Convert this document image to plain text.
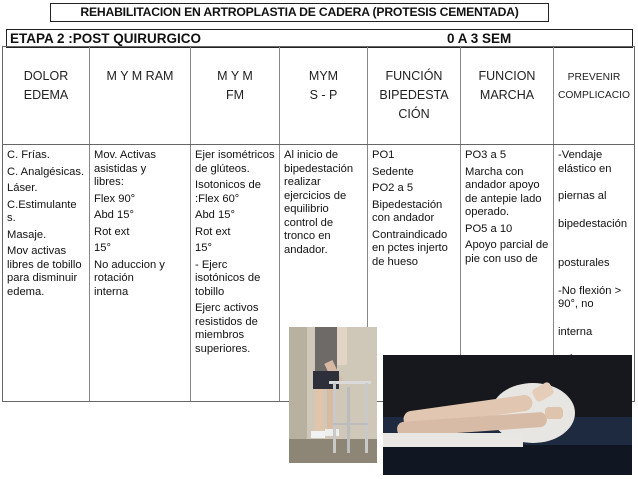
REHABILITACION EN ARTROPLASTIA DE CADERA (PROTESIS CEMENTADA)
ETAPA 2 :POST QUIRURGICO	0 A 3 SEM
DOLOR
EDEMA
M Y M RAM	M Y M
FM
MYM
S - P
FUNCIÓN
BIPEDESTA
CIÓN
FUNCION
MARCHA
PREVENIR
COMPLICACIO

C. Frías.

C. Analgésicas.

Láser.

C.Estimulantes.

Masaje.

Mov activas libres de tobillo para disminuir edema.

Mov. Activas asistidas y libres:

Flex 90°

Abd 15°

Rot ext

15°

No aduccion y rotación interna

Ejer isométricos de glúteos.

Isotonicos de :Flex 60°

Abd 15°

Rot ext

15°

- Ejerc isotónicos de tobillo

Ejerc activos resistidos de miembros superiores.

Al inicio de bipedestación realizar ejercicios de equilibrio control de tronco en andador.

PO1

Sedente

PO2 a 5

Bipedestación con andador

Contraindicado en pctes injerto de hueso

PO3 a 5

Marcha con andador apoyo de antepie lado operado.

PO5 a 10

Apoyo parcial de pie con uso de

-Vendaje elástico en

piernas al

bipedestación

posturales

-No flexión > 90°, no

interna
